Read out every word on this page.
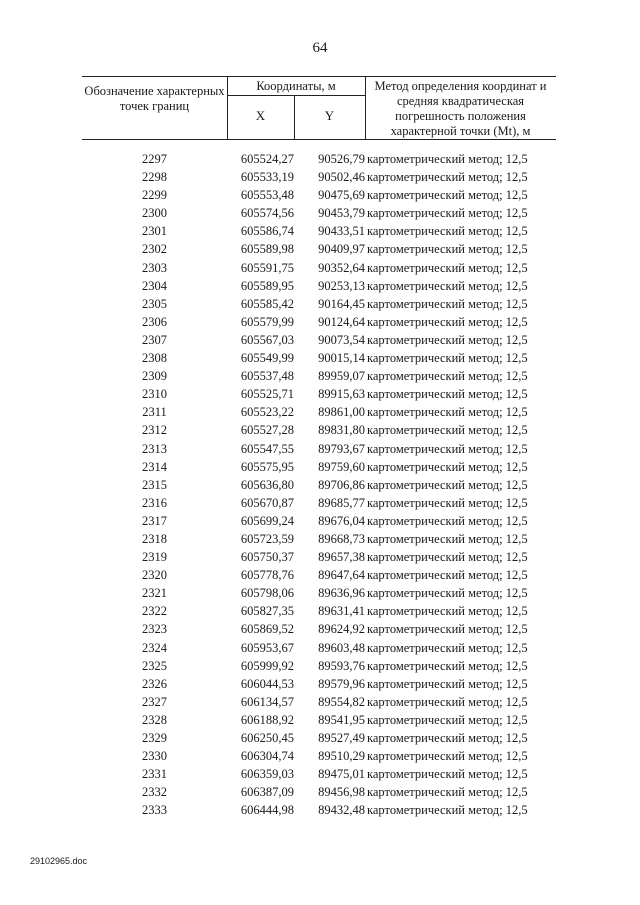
64
Обозначение характерных точек границ
Координаты, м
X	Y
Метод определения координат и средняя квадратическая погрешность положения характерной точки (Mt), м
2297	605524,27	90526,79 картометрический метод; 12,5
2298	605533,19	90502,46 картометрический метод; 12,5
2299	605553,48	90475,69 картометрический метод; 12,5
2300	605574,56	90453,79 картометрический метод; 12,5
2301	605586,74	90433,51 картометрический метод; 12,5
2302	605589,98	90409,97 картометрический метод; 12,5
2303	605591,75	90352,64 картометрический метод; 12,5
2304	605589,95	90253,13 картометрический метод; 12,5
2305	605585,42	90164,45 картометрический метод; 12,5
2306	605579,99	90124,64 картометрический метод; 12,5
2307	605567,03	90073,54 картометрический метод; 12,5
2308	605549,99	90015,14 картометрический метод; 12,5
2309	605537,48	89959,07 картометрический метод; 12,5
2310	605525,71	89915,63 картометрический метод; 12,5
2311	605523,22	89861,00 картометрический метод; 12,5
2312	605527,28	89831,80 картометрический метод; 12,5
2313	605547,55	89793,67 картометрический метод; 12,5
2314	605575,95	89759,60 картометрический метод; 12,5
2315	605636,80	89706,86 картометрический метод; 12,5
2316	605670,87	89685,77 картометрический метод; 12,5
2317	605699,24	89676,04 картометрический метод; 12,5
2318	605723,59	89668,73 картометрический метод; 12,5
2319	605750,37	89657,38 картометрический метод; 12,5
2320	605778,76	89647,64 картометрический метод; 12,5
2321	605798,06	89636,96 картометрический метод; 12,5
2322	605827,35	89631,41 картометрический метод; 12,5
2323	605869,52	89624,92 картометрический метод; 12,5
2324	605953,67	89603,48 картометрический метод; 12,5
2325	605999,92	89593,76 картометрический метод; 12,5
2326	606044,53	89579,96 картометрический метод; 12,5
2327	606134,57	89554,82 картометрический метод; 12,5
2328	606188,92	89541,95 картометрический метод; 12,5
2329	606250,45	89527,49 картометрический метод; 12,5
2330	606304,74	89510,29 картометрический метод; 12,5
2331	606359,03	89475,01 картометрический метод; 12,5
2332	606387,09	89456,98 картометрический метод; 12,5
2333	606444,98	89432,48 картометрический метод; 12,5
29102965.doc
